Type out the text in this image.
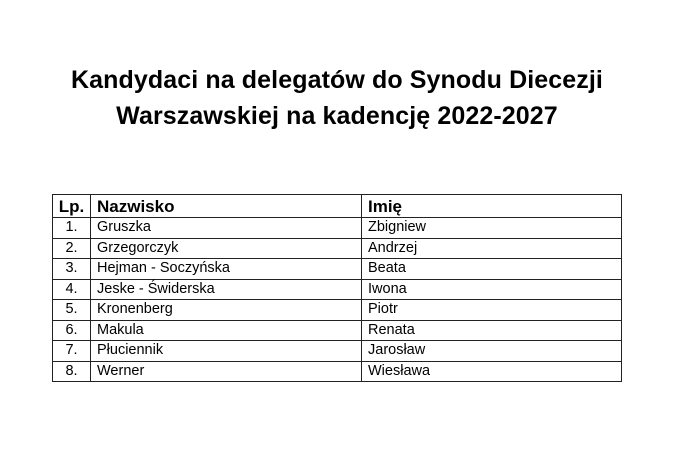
Kandydaci na delegatów do Synodu Diecezji
Warszawskiej na kadencję 2022-2027
Lp.	Nazwisko	Imię
1.	Gruszka	Zbigniew
2.	Grzegorczyk	Andrzej
3.	Hejman - Soczyńska	Beata
4.	Jeske - Świderska	Iwona
5.	Kronenberg	Piotr
6.	Makula	Renata
7.	Płuciennik	Jarosław
8.	Werner	Wiesława
